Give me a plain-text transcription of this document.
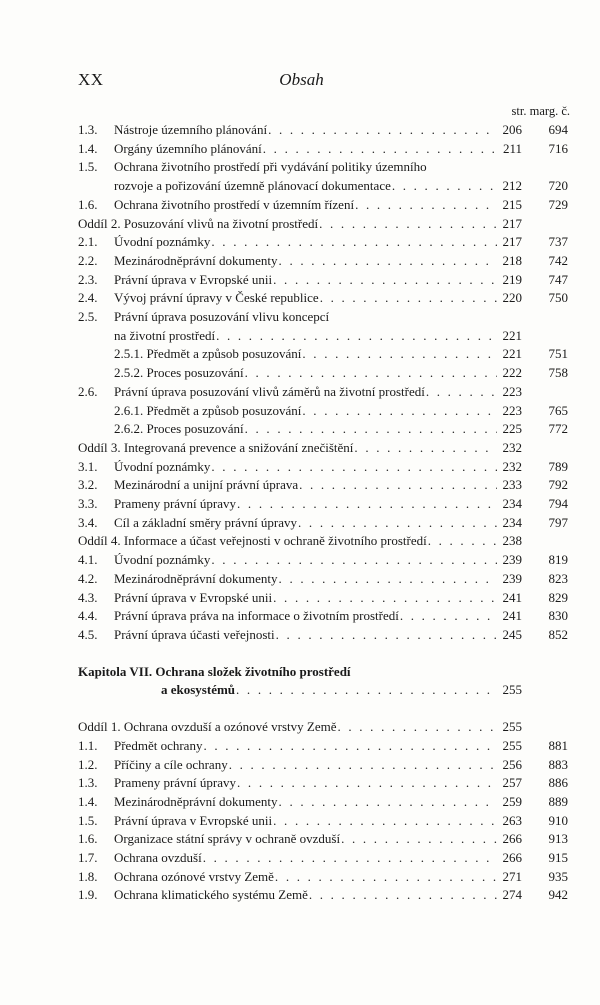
XX	Obsah
str. marg. č.
1.3.	Nástroje územního plánování . . .	206	694
1.4.	Orgány územního plánování . . .	211	716
1.5.	Ochrana životního prostředí při vydávání politiky územního
rozvoje a pořizování územně plánovací dokumentace . . .	212	720
1.6.	Ochrana životního prostředí v územním řízení . . .	215	729
Oddíl 2. Posuzování vlivů na životní prostředí . . .	217
2.1.	Úvodní poznámky . . .	217	737
2.2.	Mezinárodněprávní dokumenty . . .	218	742
2.3.	Právní úprava v Evropské unii . . .	219	747
2.4.	Vývoj právní úpravy v České republice . . .	220	750
2.5.	Právní úprava posuzování vlivu koncepcí
na životní prostředí . . .	221
2.5.1. Předmět a způsob posuzování . . .	221	751
2.5.2. Proces posuzování . . .	222	758
2.6.	Právní úprava posuzování vlivů záměrů na životní prostředí . . .	223
2.6.1. Předmět a způsob posuzování . . .	223	765
2.6.2. Proces posuzování . . .	225	772
Oddíl 3. Integrovaná prevence a snižování znečištění . . .	232
3.1.	Úvodní poznámky . . .	232	789
3.2.	Mezinárodní a unijní právní úprava . . .	233	792
3.3.	Prameny právní úpravy . . .	234	794
3.4.	Cíl a základní směry právní úpravy . . .	234	797
Oddíl 4. Informace a účast veřejnosti v ochraně životního prostředí . . .	238
4.1.	Úvodní poznámky . . .	239	819
4.2.	Mezinárodněprávní dokumenty . . .	239	823
4.3.	Právní úprava v Evropské unii . . .	241	829
4.4.	Právní úprava práva na informace o životním prostředí . . .	241	830
4.5.	Právní úprava účasti veřejnosti . . .	245	852
Kapitola VII. Ochrana složek životního prostředí
a ekosystémů . . .	255
Oddíl 1. Ochrana ovzduší a ozónové vrstvy Země . . .	255
1.1.	Předmět ochrany . . .	255	881
1.2.	Příčiny a cíle ochrany . . .	256	883
1.3.	Prameny právní úpravy . . .	257	886
1.4.	Mezinárodněprávní dokumenty . . .	259	889
1.5.	Právní úprava v Evropské unii . . .	263	910
1.6.	Organizace státní správy v ochraně ovzduší . . .	266	913
1.7.	Ochrana ovzduší . . .	266	915
1.8.	Ochrana ozónové vrstvy Země . . .	271	935
1.9.	Ochrana klimatického systému Země . . .	274	942
